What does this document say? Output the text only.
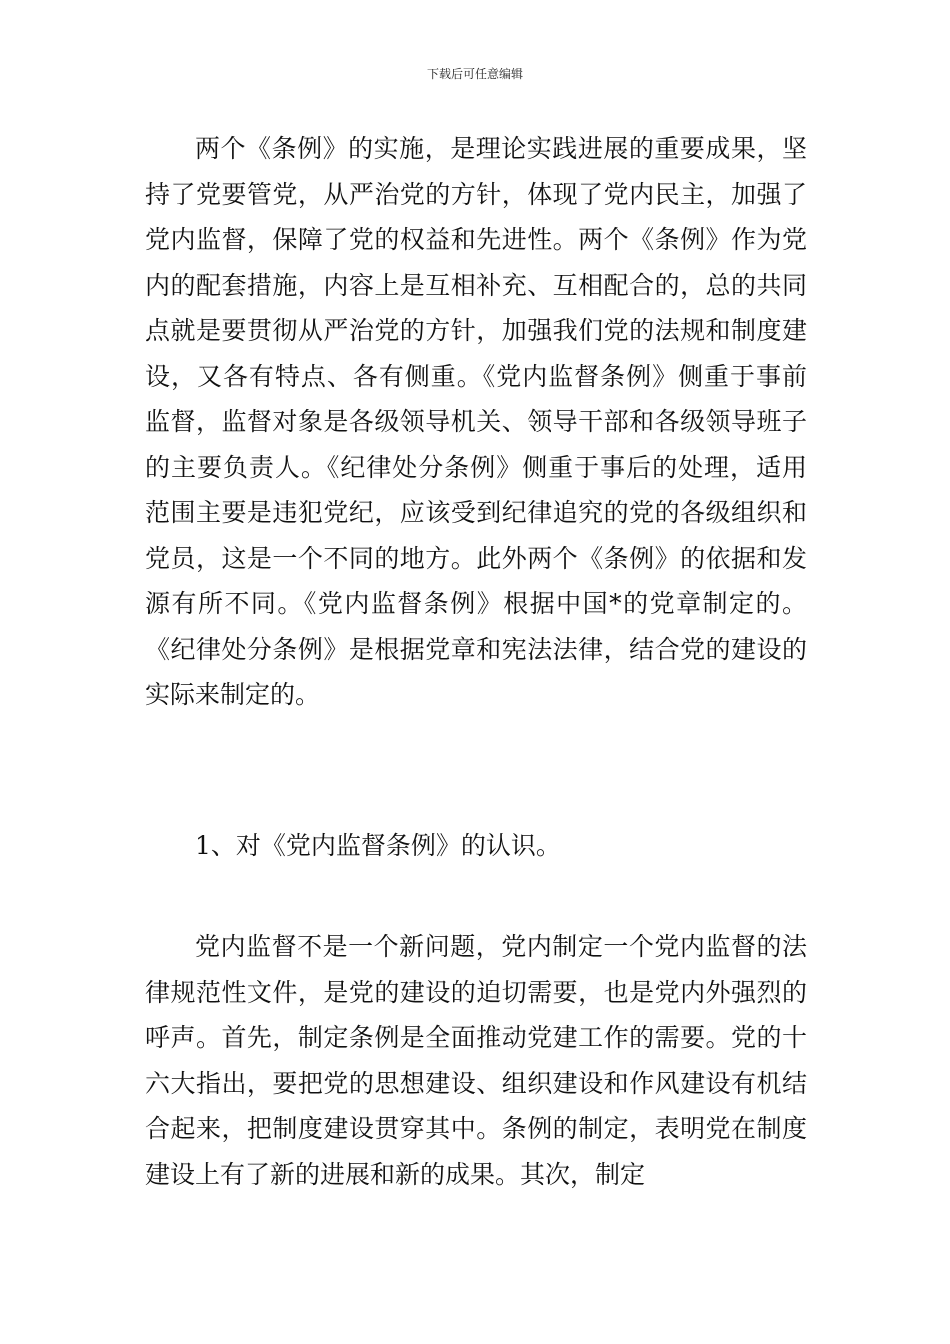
下载后可任意编辑

两个《条例》的实施，是理论实践进展的重要成果，坚持了党要管党，从严治党的方针，体现了党内民主，加强了党内监督，保障了党的权益和先进性。两个《条例》作为党内的配套措施，内容上是互相补充、互相配合的，总的共同点就是要贯彻从严治党的方针，加强我们党的法规和制度建设，又各有特点、各有侧重。《党内监督条例》侧重于事前监督，监督对象是各级领导机关、领导干部和各级领导班子的主要负责人。《纪律处分条例》侧重于事后的处理，适用范围主要是违犯党纪，应该受到纪律追究的党的各级组织和党员，这是一个不同的地方。此外两个《条例》的依据和发源有所不同。《党内监督条例》根据中国*的党章制定的。《纪律处分条例》是根据党章和宪法法律，结合党的建设的实际来制定的。

1、对《党内监督条例》的认识。

党内监督不是一个新问题，党内制定一个党内监督的法律规范性文件，是党的建设的迫切需要，也是党内外强烈的呼声。首先，制定条例是全面推动党建工作的需要。党的十六大指出，要把党的思想建设、组织建设和作风建设有机结合起来，把制度建设贯穿其中。条例的制定，表明党在制度建设上有了新的进展和新的成果。其次，制定
